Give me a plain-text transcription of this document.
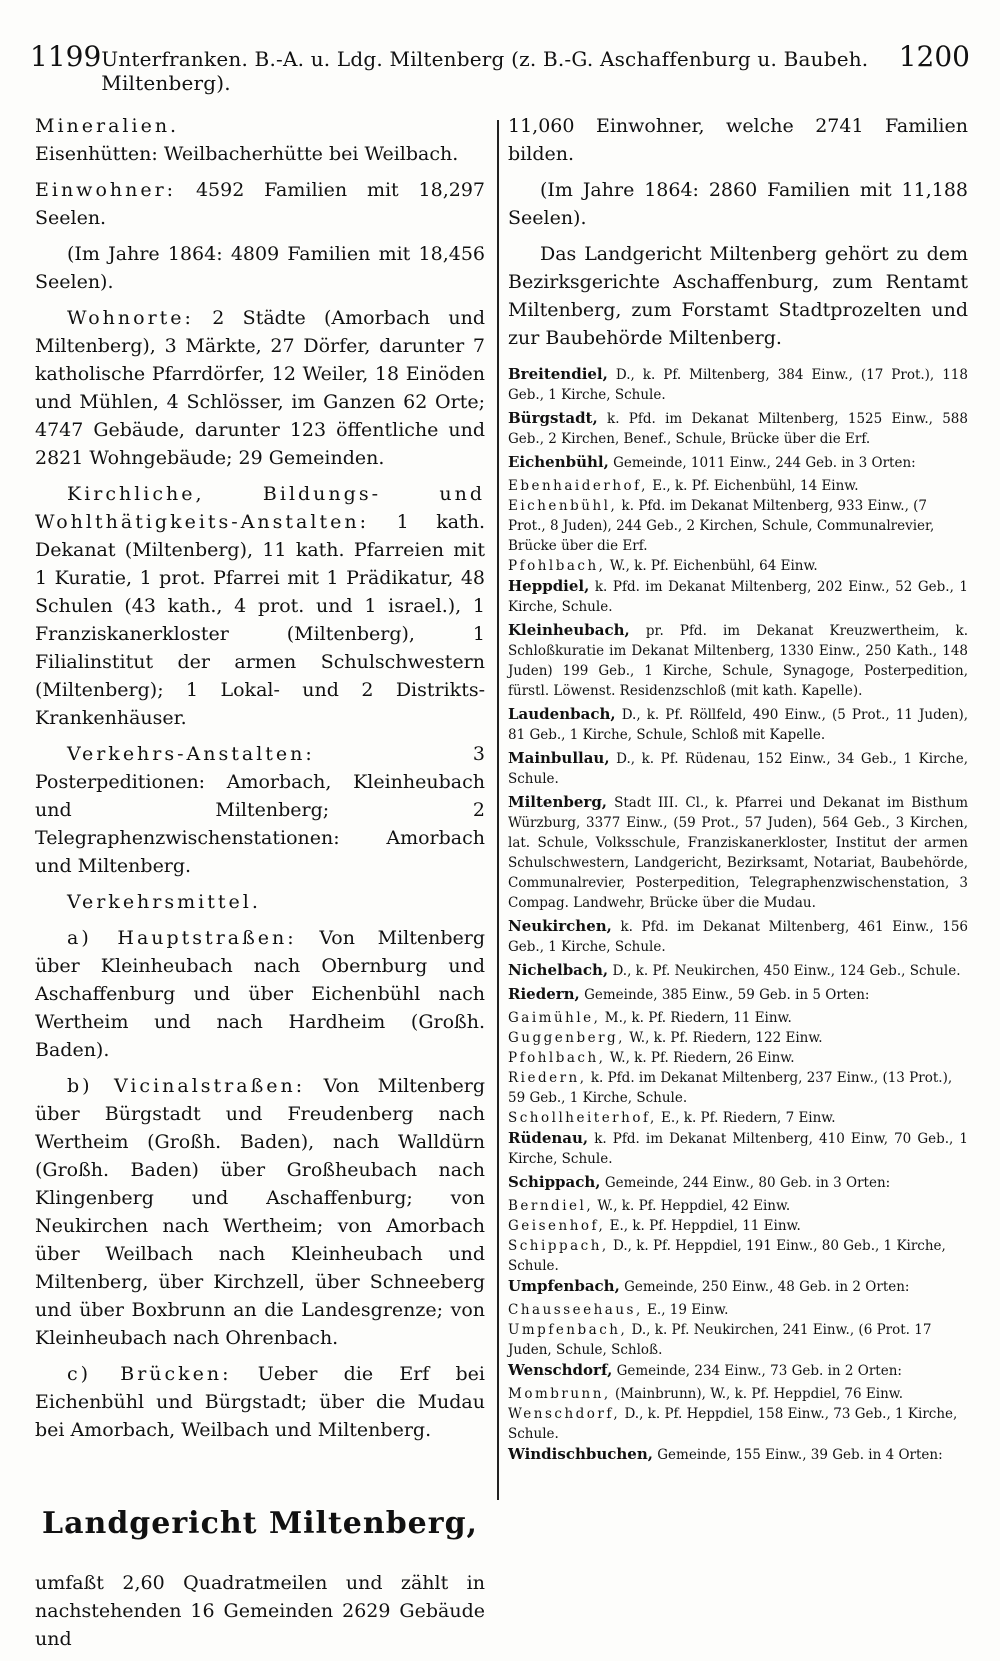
1199 Unterfranken. B.-A. u. Ldg. Miltenberg (z. B.-G. Aschaffenburg u. Baubeh. Miltenberg).
1200

Mineralien.

Eisenhütten: Weilbacherhütte bei Weilbach.

Einwohner: 4592 Familien mit 18,297 Seelen.

(Im Jahre 1864: 4809 Familien mit 18,456 Seelen).

Wohnorte: 2 Städte (Amorbach und Miltenberg), 3 Märkte, 27 Dörfer, darunter 7 katholische Pfarrdörfer, 12 Weiler, 18 Einöden und Mühlen, 4 Schlösser, im Ganzen 62 Orte; 4747 Gebäude, darunter 123 öffentliche und 2821 Wohngebäude; 29 Gemeinden.

Kirchliche, Bildungs- und Wohlthätigkeits-Anstalten: 1 kath. Dekanat (Miltenberg), 11 kath. Pfarreien mit 1 Kuratie, 1 prot. Pfarrei mit 1 Prädikatur, 48 Schulen (43 kath., 4 prot. und 1 israel.), 1 Franziskanerkloster (Miltenberg), 1 Filialinstitut der armen Schulschwestern (Miltenberg); 1 Lokal- und 2 Distrikts-Krankenhäuser.

Verkehrs-Anstalten:	3 Posterpeditionen: Amorbach, Kleinheubach und Miltenberg; 2 Telegraphenzwischenstationen: Amorbach und Miltenberg.

Verkehrsmittel.

a) Hauptstraßen: Von Miltenberg über Kleinheubach nach Obernburg und Aschaffenburg und über Eichenbühl nach Wertheim und nach Hardheim (Großh. Baden).

b) Vicinalstraßen: Von Miltenberg über Bürgstadt und Freudenberg nach Wertheim (Großh. Baden), nach Walldürn (Großh. Baden) über Großheubach nach Klingenberg und Aschaffenburg; von Neukirchen nach Wertheim; von Amorbach über Weilbach nach Kleinheubach und Miltenberg, über Kirchzell, über Schneeberg und über Boxbrunn an die Landesgrenze; von Kleinheubach nach Ohrenbach.

c) Brücken: Ueber die Erf bei Eichenbühl und Bürgstadt; über die Mudau bei Amorbach, Weilbach und Miltenberg.

Landgericht Miltenberg,

umfaßt 2,60 Quadratmeilen und zählt in nachstehenden 16 Gemeinden 2629 Gebäude und

11,060 Einwohner, welche 2741 Familien bilden.

(Im Jahre 1864: 2860 Familien mit 11,188 Seelen).

Das Landgericht Miltenberg gehört zu dem Bezirksgerichte Aschaffenburg, zum Rentamt Miltenberg, zum Forstamt Stadtprozelten und zur Baubehörde Miltenberg.

Breitendiel, D., k. Pf. Miltenberg, 384 Einw., (17 Prot.), 118 Geb., 1 Kirche, Schule.

Bürgstadt, k. Pfd. im Dekanat Miltenberg, 1525 Einw., 588 Geb., 2 Kirchen, Benef., Schule, Brücke über die Erf.

Eichenbühl, Gemeinde, 1011 Einw., 244 Geb. in 3 Orten:

Ebenhaiderhof, E., k. Pf. Eichenbühl, 14 Einw.

Eichenbühl, k. Pfd. im Dekanat Miltenberg, 933 Einw., (7 Prot., 8 Juden), 244 Geb., 2 Kirchen, Schule, Communalrevier, Brücke über die Erf.

Pfohlbach, W., k. Pf. Eichenbühl, 64 Einw.

Heppdiel, k. Pfd. im Dekanat Miltenberg, 202 Einw., 52 Geb., 1 Kirche, Schule.

Kleinheubach, pr. Pfd. im Dekanat Kreuzwertheim, k. Schloßkuratie im Dekanat Miltenberg, 1330 Einw., 250 Kath., 148 Juden) 199 Geb., 1 Kirche, Schule, Synagoge, Posterpedition, fürstl. Löwenst. Residenzschloß (mit kath. Kapelle).

Laudenbach, D., k. Pf. Röllfeld, 490 Einw., (5 Prot., 11 Juden), 81 Geb., 1 Kirche, Schule, Schloß mit Kapelle.

Mainbullau, D., k. Pf. Rüdenau, 152 Einw., 34 Geb., 1 Kirche, Schule.

Miltenberg, Stadt III. Cl., k. Pfarrei und Dekanat im Bisthum Würzburg, 3377 Einw., (59 Prot., 57 Juden), 564 Geb., 3 Kirchen, lat. Schule, Volksschule, Franziskanerkloster, Institut der armen Schulschwestern, Landgericht, Bezirksamt, Notariat, Baubehörde, Communalrevier, Posterpedition, Telegraphenzwischenstation, 3 Compag. Landwehr, Brücke über die Mudau.

Neukirchen, k. Pfd. im Dekanat Miltenberg, 461 Einw., 156 Geb., 1 Kirche, Schule.

Nichelbach, D., k. Pf. Neukirchen, 450 Einw., 124 Geb., Schule.

Riedern, Gemeinde, 385 Einw., 59 Geb. in 5 Orten:

Gaimühle, M., k. Pf. Riedern, 11 Einw.

Guggenberg, W., k. Pf. Riedern, 122 Einw.

Pfohlbach, W., k. Pf. Riedern, 26 Einw.

Riedern, k. Pfd. im Dekanat Miltenberg, 237 Einw., (13 Prot.), 59 Geb., 1 Kirche, Schule.

Schollheiterhof, E., k. Pf. Riedern, 7 Einw.

Rüdenau, k. Pfd. im Dekanat Miltenberg, 410 Einw, 70 Geb., 1 Kirche, Schule.

Schippach, Gemeinde, 244 Einw., 80 Geb. in 3 Orten:

Berndiel, W., k. Pf. Heppdiel, 42 Einw.

Geisenhof, E., k. Pf. Heppdiel, 11 Einw.

Schippach, D., k. Pf. Heppdiel, 191 Einw., 80 Geb., 1 Kirche, Schule.

Umpfenbach, Gemeinde, 250 Einw., 48 Geb. in 2 Orten:

Chausseehaus, E., 19 Einw.

Umpfenbach, D., k. Pf. Neukirchen, 241 Einw., (6 Prot. 17 Juden, Schule, Schloß.

Wenschdorf, Gemeinde, 234 Einw., 73 Geb. in 2 Orten:

Mombrunn, (Mainbrunn), W., k. Pf. Heppdiel, 76 Einw.

Wenschdorf, D., k. Pf. Heppdiel, 158 Einw., 73 Geb., 1 Kirche, Schule.

Windischbuchen, Gemeinde, 155 Einw., 39 Geb. in 4 Orten:
